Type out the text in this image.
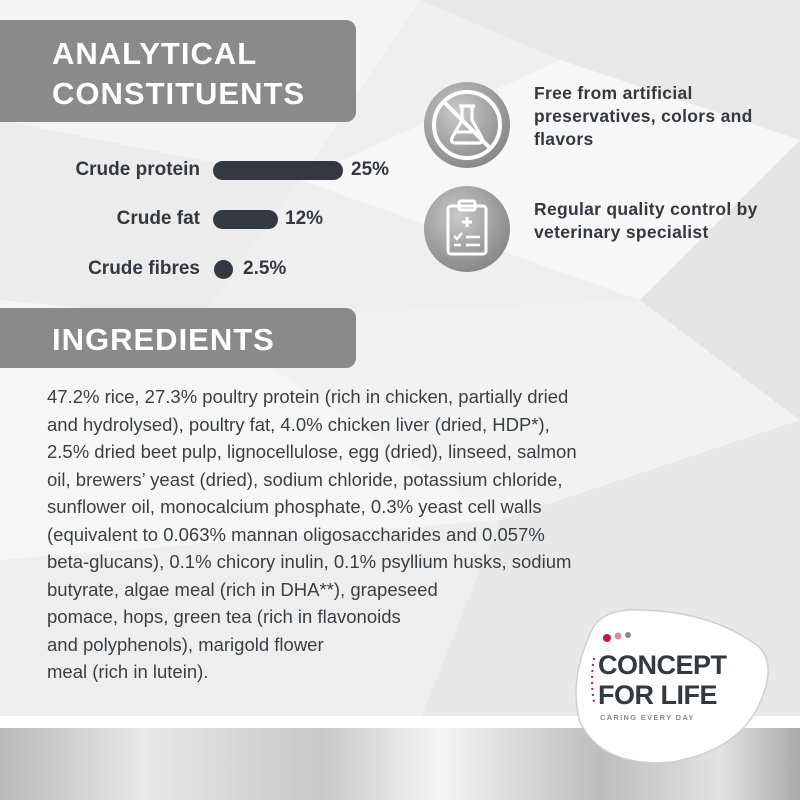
ANALYTICAL
CONSTITUENTS
Crude protein	25%
Crude fat	12%
Crude fibres 2.5%
Free from artificial preservatives, colors and flavors
Regular quality control by veterinary specialist
INGREDIENTS
47.2% rice, 27.3% poultry protein (rich in chicken, partially dried
and hydrolysed), poultry fat, 4.0% chicken liver (dried, HDP*),
2.5% dried beet pulp, lignocellulose, egg (dried), linseed, salmon
oil, brewers’ yeast (dried), sodium chloride, potassium chloride,
sunflower oil, monocalcium phosphate, 0.3% yeast cell walls
(equivalent to 0.063% mannan oligosaccharides and 0.057%
beta-glucans), 0.1% chicory inulin, 0.1% psyllium husks, sodium
butyrate, algae meal (rich in DHA**), grapeseed
pomace, hops, green tea (rich in flavonoids
and polyphenols), marigold flower
meal (rich in lutein).	CONCEPT
FOR LIFE
CARING EVERY DAY
